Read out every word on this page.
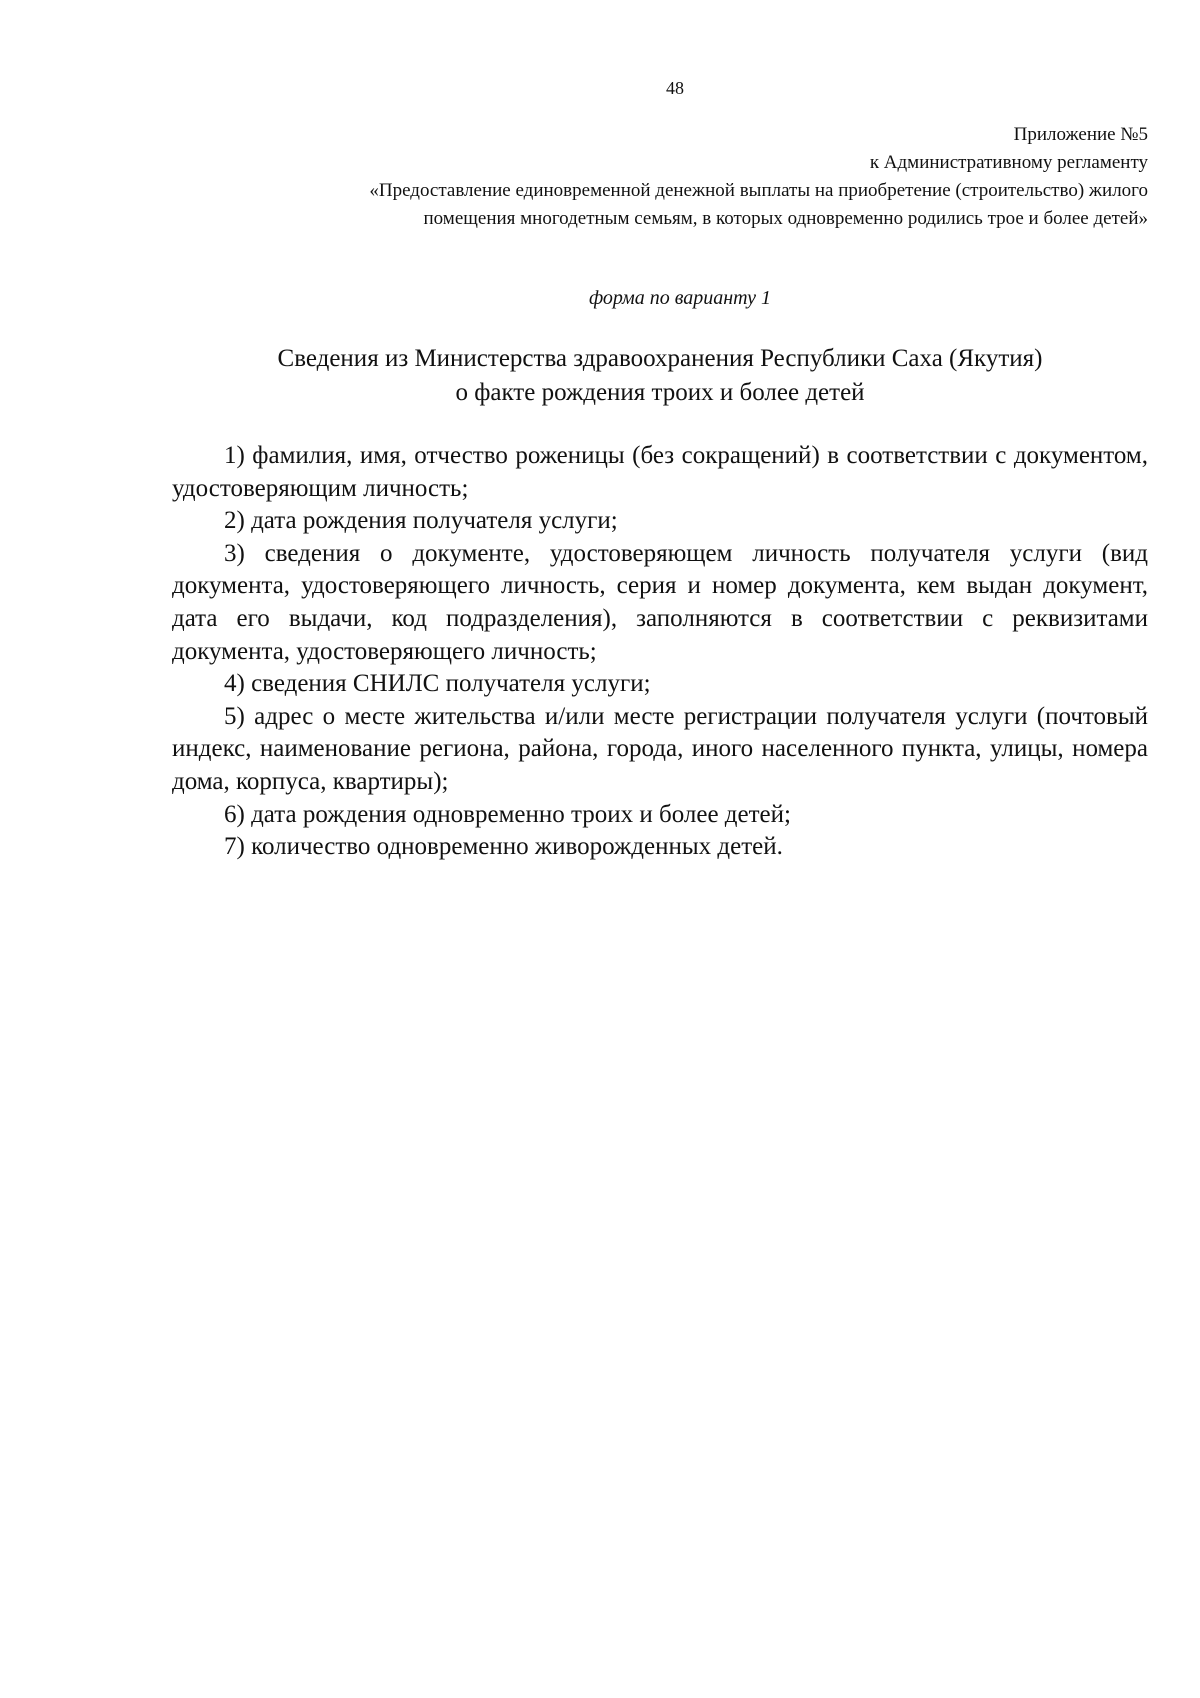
48
Приложение №5
к Административному регламенту
«Предоставление единовременной денежной выплаты на приобретение (строительство) жилого
помещения многодетным семьям, в которых одновременно родились трое и более детей»
форма по варианту 1
Сведения из Министерства здравоохранения Республики Саха (Якутия)
о факте рождения троих и более детей

1) фамилия, имя, отчество роженицы (без сокращений) в соответствии с документом, удостоверяющим личность;

2) дата рождения получателя услуги;

3) сведения о документе, удостоверяющем личность получателя услуги (вид документа, удостоверяющего личность, серия и номер документа, кем выдан документ, дата его выдачи, код подразделения), заполняются в соответствии с реквизитами документа, удостоверяющего личность;

4) сведения СНИЛС получателя услуги;

5) адрес о месте жительства и/или месте регистрации получателя услуги (почтовый индекс, наименование региона, района, города, иного населенного пункта, улицы, номера дома, корпуса, квартиры);

6) дата рождения одновременно троих и более детей;

7) количество одновременно живорожденных детей.
